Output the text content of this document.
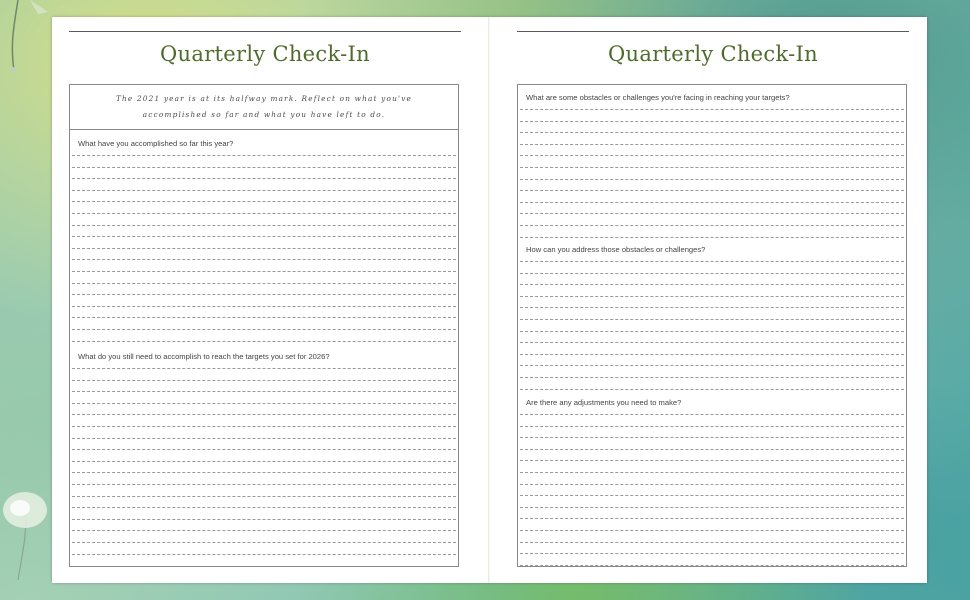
Quarterly Check-In
The 2021 year is at its halfway mark. Reflect on what you've accomplished so far and what you have left to do.
What have you accomplished so far this year?
What do you still need to accomplish to reach the targets you set for 2026?
Quarterly Check-In
What are some obstacles or challenges you're facing in reaching your targets?
How can you address those obstacles or challenges?
Are there any adjustments you need to make?
